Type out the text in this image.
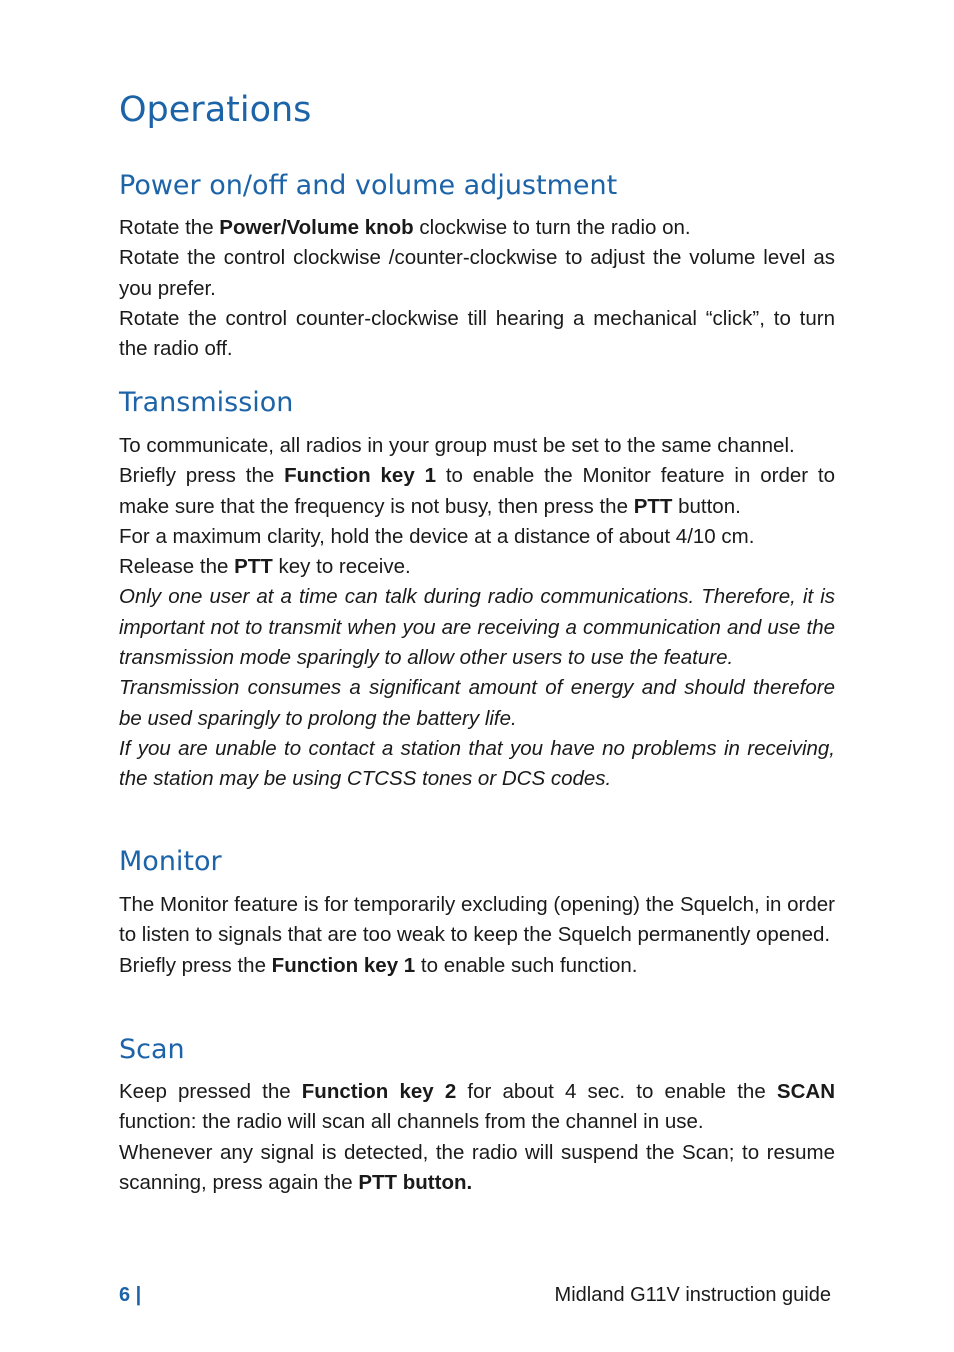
Operations
Power on/off and volume adjustment

Rotate the Power/Volume knob clockwise to turn the radio on.

Rotate the control clockwise /counter-clockwise to adjust the volume level as you prefer.

Rotate the control counter-clockwise till hearing a mechanical “click”, to turn the radio off.

Transmission

To communicate, all radios in your group must be set to the same channel.

Briefly press the Function key 1 to enable the Monitor feature in order to make sure that the frequency is not busy, then press the PTT button.

For a maximum clarity, hold the device at a distance of about 4/10 cm.

Release the PTT key to receive.

Only one user at a time can talk during radio communications. Therefore, it is important not to transmit when you are receiving a communication and use the transmission mode sparingly to allow other users to use the feature.

Transmission consumes a significant amount of energy and should therefore be used sparingly to prolong the battery life.

If you are unable to contact a station that you have no problems in receiving, the station may be using CTCSS tones or DCS codes.

Monitor

The Monitor feature is for temporarily excluding (opening) the Squelch, in order to listen to signals that are too weak to keep the Squelch permanently opened.

Briefly press the Function key 1 to enable such function.

Scan

Keep pressed the Function key 2 for about 4 sec. to enable the SCAN function: the radio will scan all channels from the channel in use.

Whenever any signal is detected, the radio will suspend the Scan; to resume scanning, press again the PTT button.

6 |	Midland G11V instruction guide
